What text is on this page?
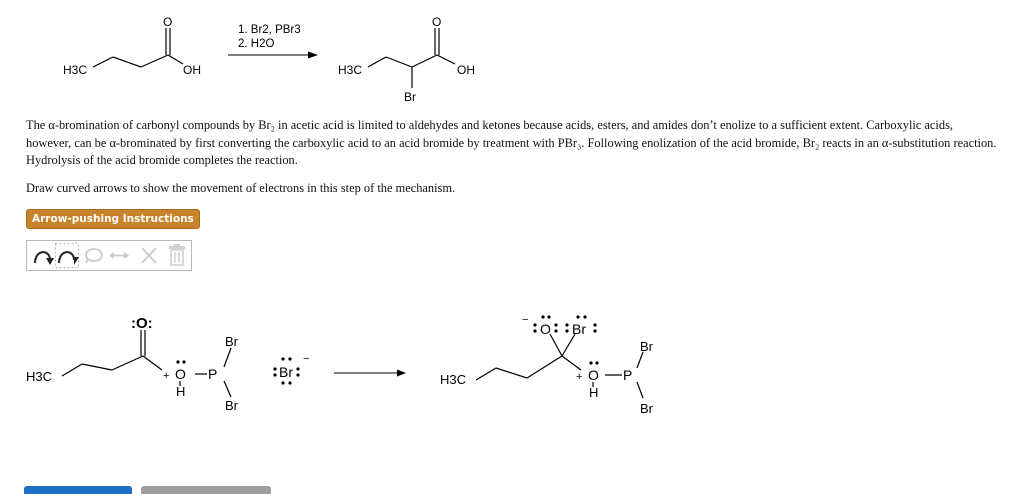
H3C
O
OH
1. Br2, PBr3
2. H2O
H3C
O
OH
Br
The α-bromination of carbonyl compounds by Br₂ in acetic acid is limited to aldehydes and ketones because acids, esters, and amides don’t enolize to a sufficient extent. Carboxylic acids, however, can be α-brominated by first converting the carboxylic acid to an acid bromide by treatment with PBr₃. Following enolization of the acid bromide, Br₂ reacts in an α-substitution reaction. Hydrolysis of the acid bromide completes the reaction.
Draw curved arrows to show the movement of electrons in this step of the mechanism.
Arrow-pushing Instructions
H3C
:O:
+ O
H
P
Br
Br
Br
−
H3C
O
−
Br
+ O
H
P
Br
Br
